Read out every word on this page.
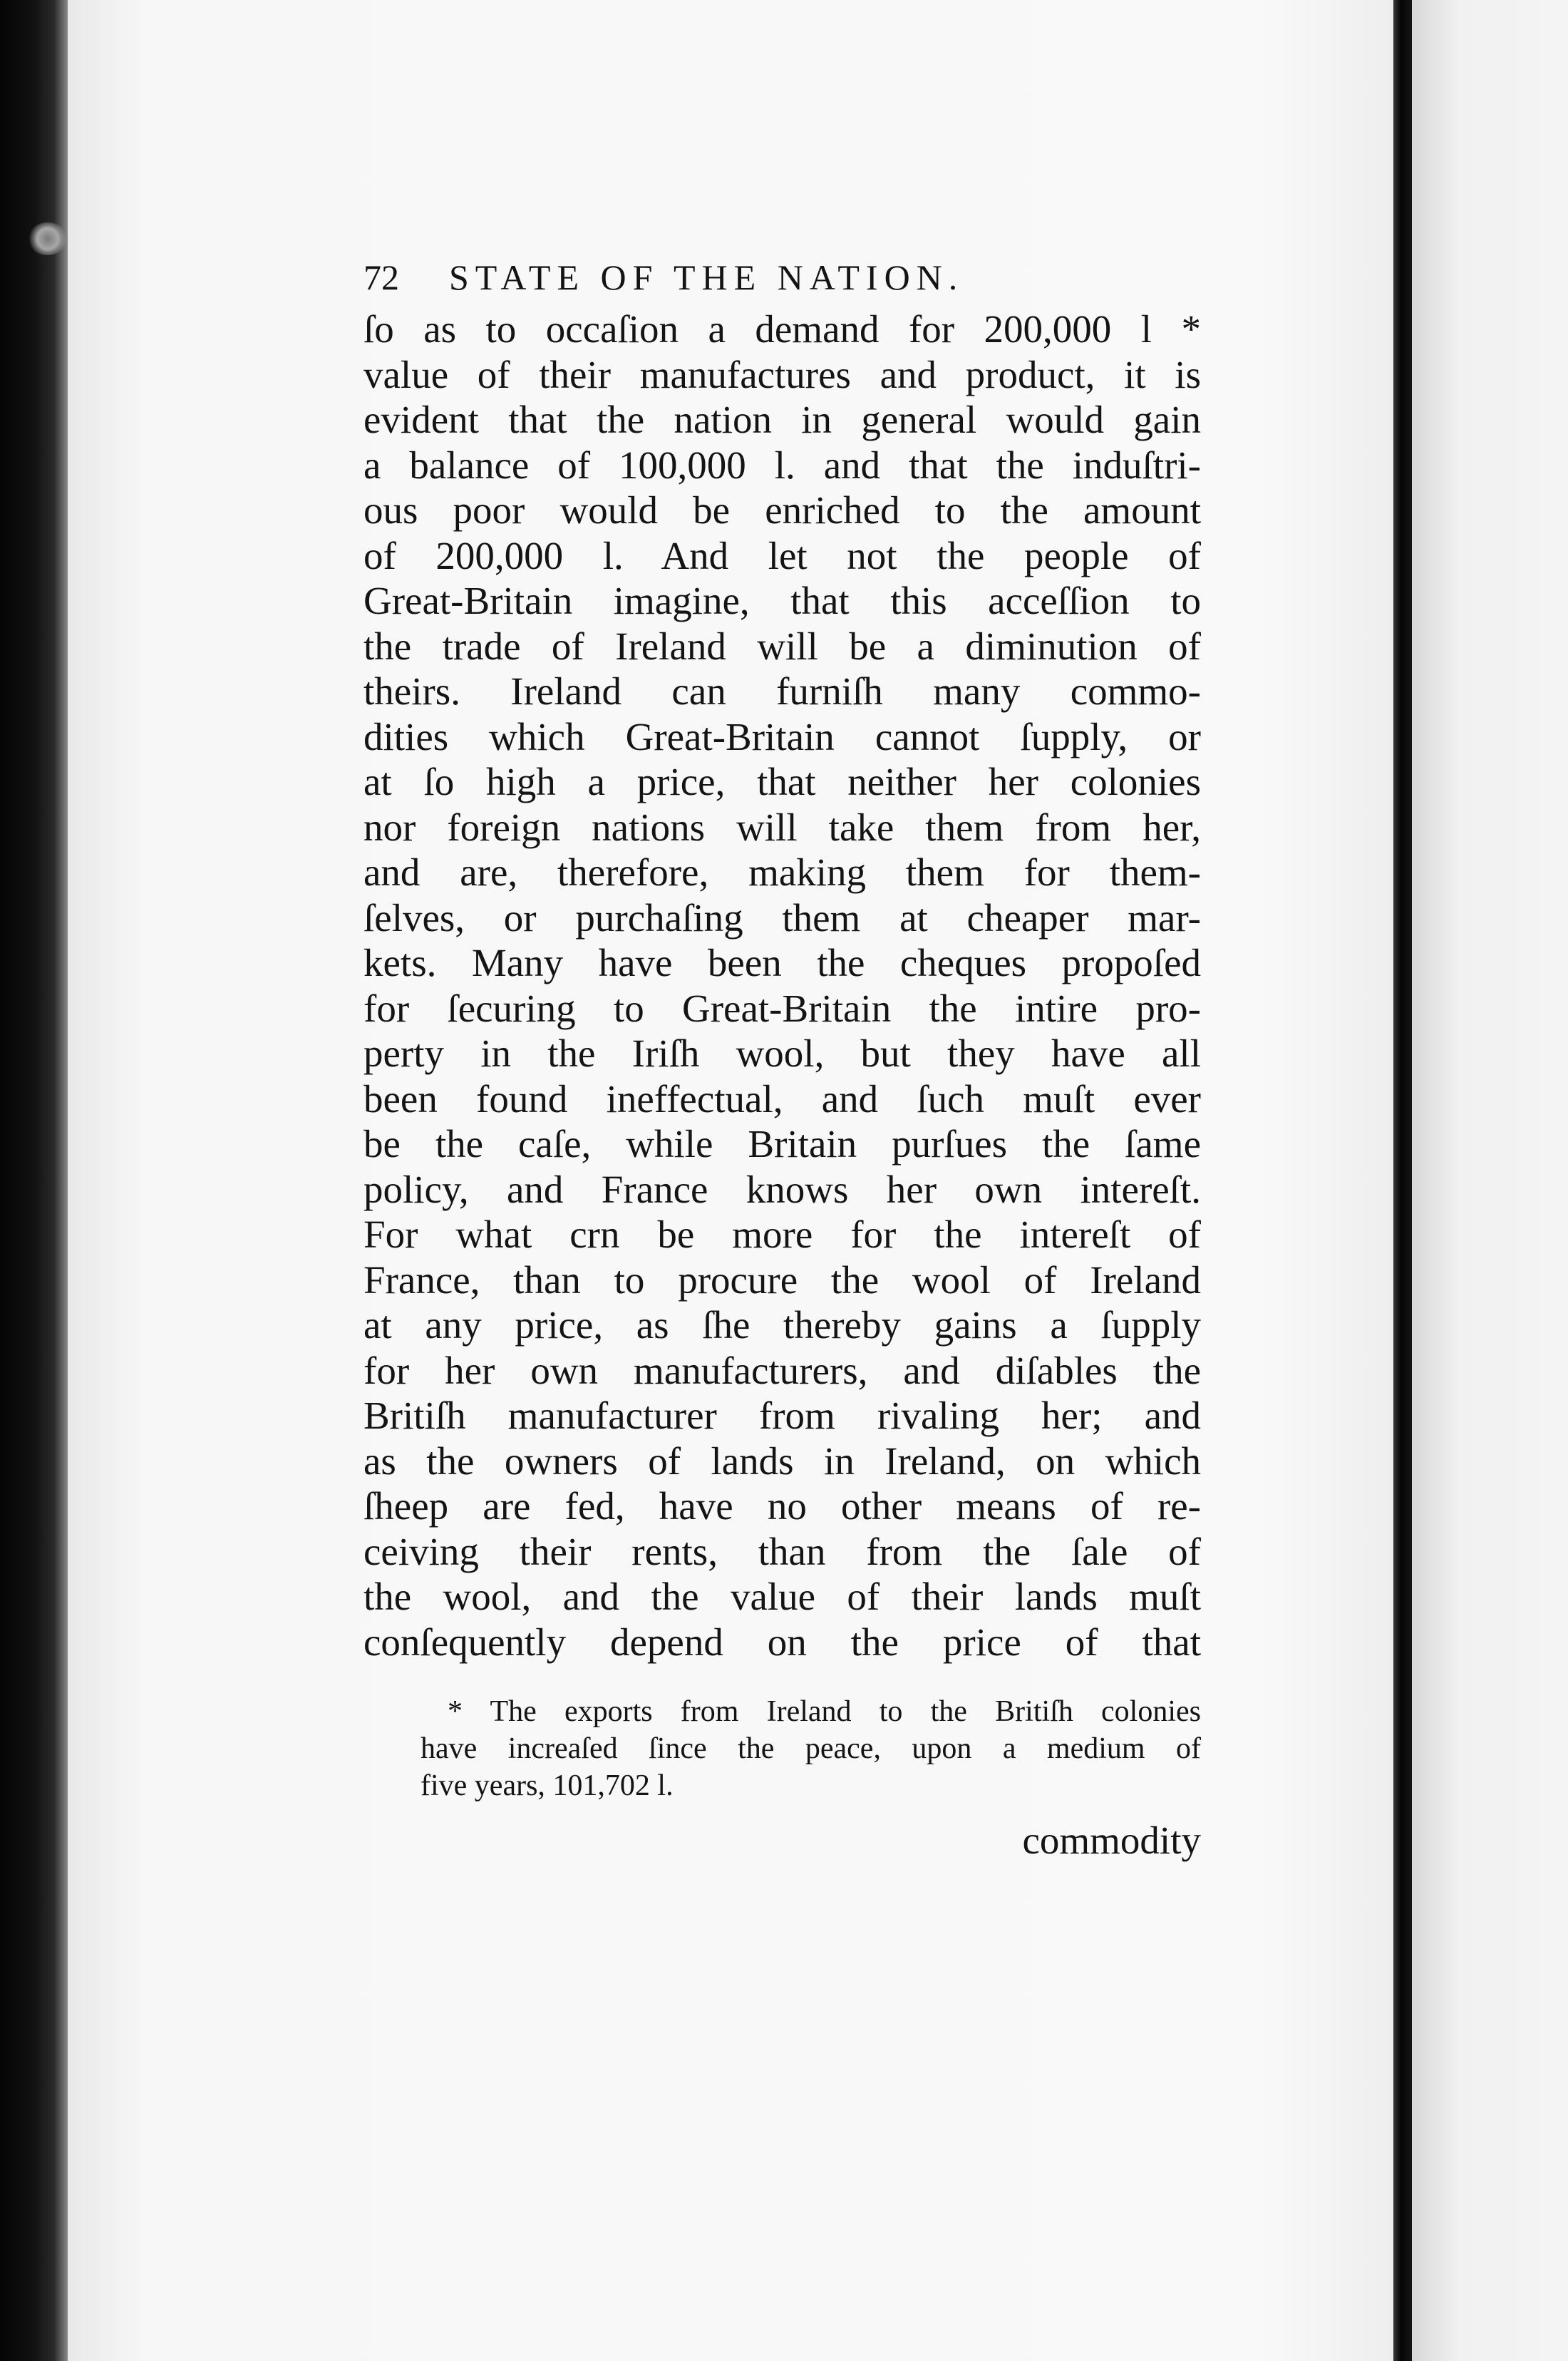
72	STATE OF THE NATION.
ſo as to occaſion a demand for 200,000 l *
value of their manufactures and product, it is
evident that the nation in general would gain
a balance of 100,000 l. and that the induſtri-
ous poor would be enriched to the amount
of 200,000 l. And let not the people of
Great-Britain imagine, that this acceſſion to
the trade of Ireland will be a diminution of
theirs. Ireland can furniſh many commo-
dities which Great-Britain cannot ſupply, or
at ſo high a price, that neither her colonies
nor foreign nations will take them from her,
and are, therefore, making them for them-
ſelves, or purchaſing them at cheaper mar-
kets. Many have been the cheques propoſed
for ſecuring to Great-Britain the intire pro-
perty in the Iriſh wool, but they have all
been found ineffectual, and ſuch muſt ever
be the caſe, while Britain purſues the ſame
policy, and France knows her own intereſt.
For what crn be more for the intereſt of
France, than to procure the wool of Ireland
at any price, as ſhe thereby gains a ſupply
for her own manufacturers, and diſables the
Britiſh manufacturer from rivaling her; and
as the owners of lands in Ireland, on which
ſheep are fed, have no other means of re-
ceiving their rents, than from the ſale of
the wool, and the value of their lands muſt
conſequently depend on the price of that
* The exports from Ireland to the Britiſh colonies
have increaſed ſince the peace, upon a medium of
five years, 101,702 l.
commodity
